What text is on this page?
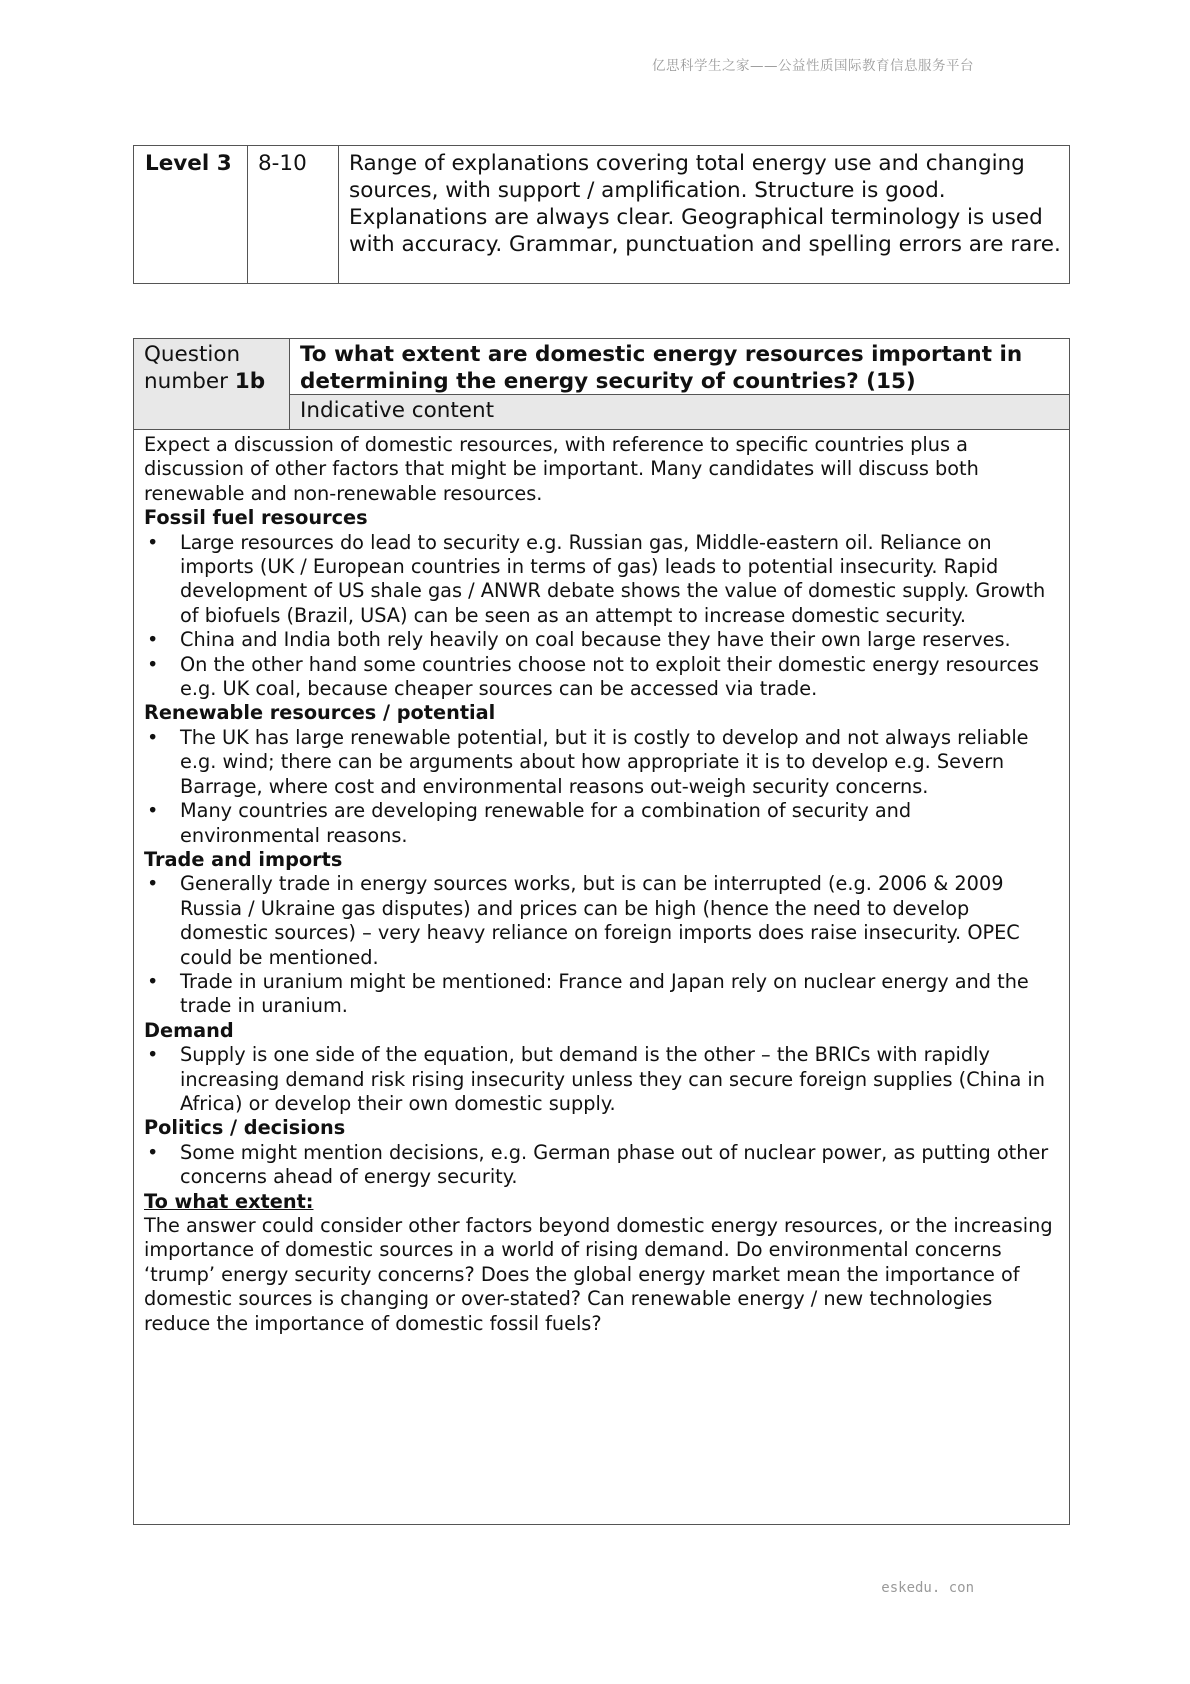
亿思科学生之家——公益性质国际教育信息服务平台
Level 3	8-10	Range of explanations covering total energy use and changing sources, with support / amplification. Structure is good. Explanations are always clear. Geographical terminology is used with accuracy. Grammar, punctuation and spelling errors are rare.
Question number 1b
To what extent are domestic energy resources important in determining the energy security of countries? (15)
Indicative content

Expect a discussion of domestic resources, with reference to specific countries plus a discussion of other factors that might be important. Many candidates will discuss both renewable and non-renewable resources.

Fossil fuel resources
• Large resources do lead to security e.g. Russian gas, Middle-eastern oil. Reliance on imports (UK / European countries in terms of gas) leads to potential insecurity. Rapid development of US shale gas / ANWR debate shows the value of domestic supply. Growth of biofuels (Brazil, USA) can be seen as an attempt to increase domestic security.
• China and India both rely heavily on coal because they have their own large reserves.
• On the other hand some countries choose not to exploit their domestic energy resources e.g. UK coal, because cheaper sources can be accessed via trade.
Renewable resources / potential
• The UK has large renewable potential, but it is costly to develop and not always reliable e.g. wind; there can be arguments about how appropriate it is to develop e.g. Severn Barrage, where cost and environmental reasons out-weigh security concerns.
• Many countries are developing renewable for a combination of security and environmental reasons.
Trade and imports
• Generally trade in energy sources works, but is can be interrupted (e.g. 2006 & 2009 Russia / Ukraine gas disputes) and prices can be high (hence the need to develop domestic sources) – very heavy reliance on foreign imports does raise insecurity. OPEC could be mentioned.
• Trade in uranium might be mentioned: France and Japan rely on nuclear energy and the trade in uranium.
Demand
• Supply is one side of the equation, but demand is the other – the BRICs with rapidly increasing demand risk rising insecurity unless they can secure foreign supplies (China in Africa) or develop their own domestic supply.
Politics / decisions
• Some might mention decisions, e.g. German phase out of nuclear power, as putting other concerns ahead of energy security.
To what extent:

The answer could consider other factors beyond domestic energy resources, or the increasing importance of domestic sources in a world of rising demand. Do environmental concerns ‘trump’ energy security concerns? Does the global energy market mean the importance of domestic sources is changing or over-stated? Can renewable energy / new technologies reduce the importance of domestic fossil fuels?

eskedu. con
